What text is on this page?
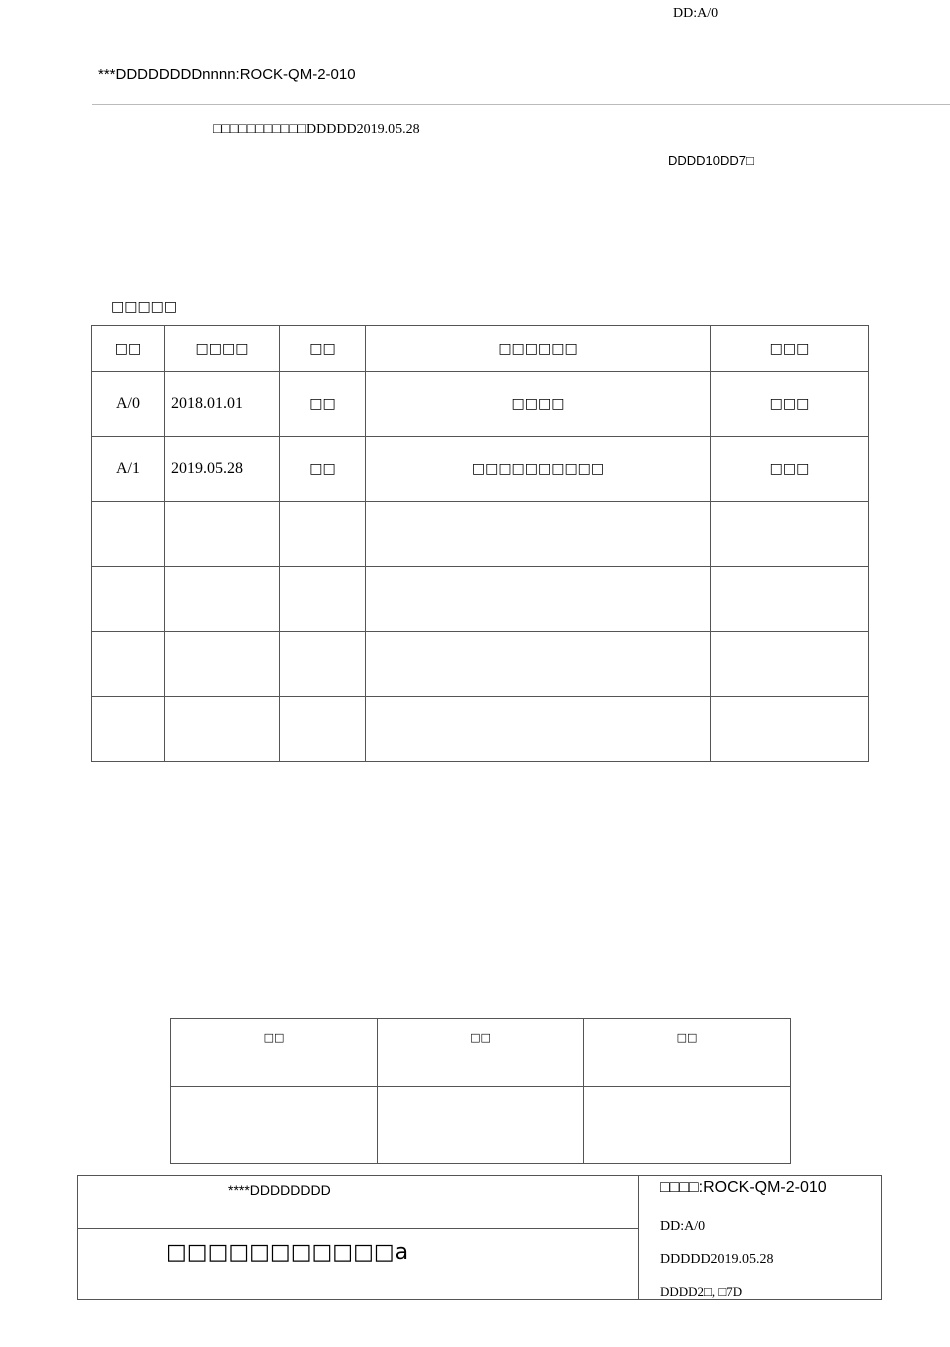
DD:A/0
***DDDDDDDDnnnn:ROCK-QM-2-010
□□□□□□□□□□□DDDDD2019.05.28
DDDD10DD7□
□□□□□
□□	□□□□	□□	□□□□□□	□□□
A/0	2018.01.01	□□	□□□□	□□□
A/1	2019.05.28	□□	□□□□□□□□□□	□□□

□□	□□	□□

****DDDDDDDD
□□□□□□□□□□□a
□□□□:ROCK-QM-2-010
DD:A/0
DDDDD2019.05.28
DDDD2□, □7D
